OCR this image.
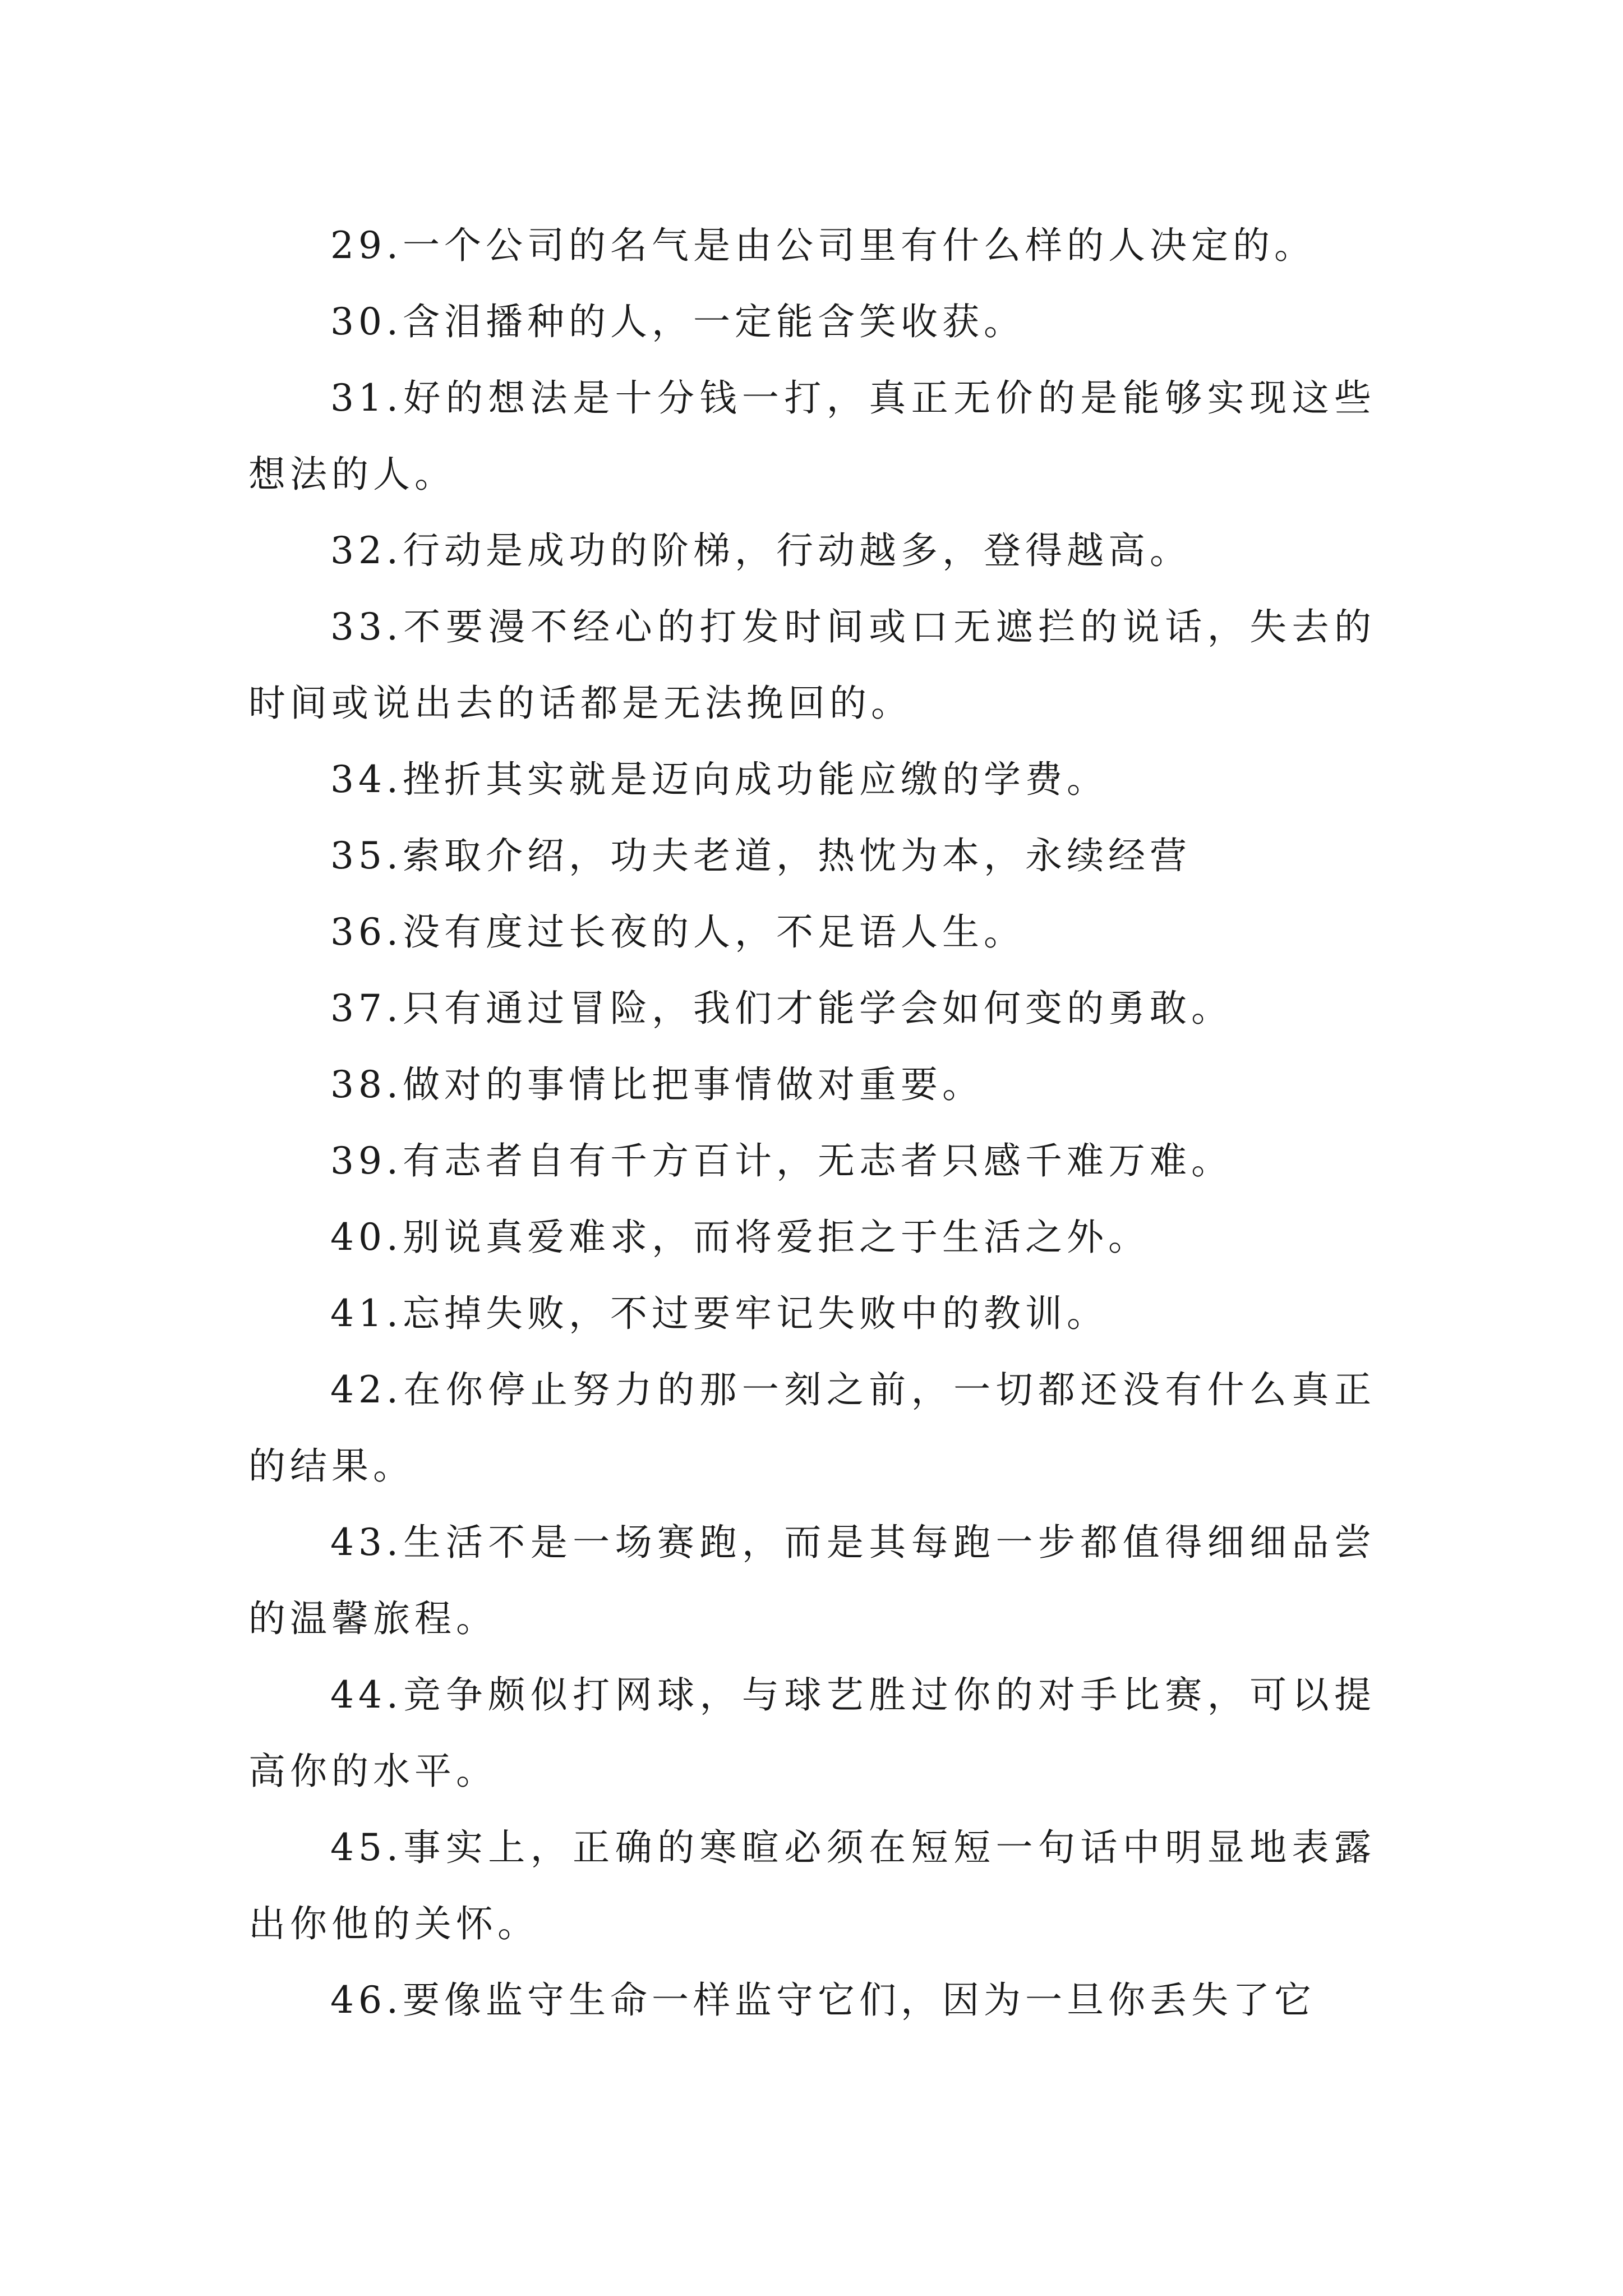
29.一个公司的名气是由公司里有什么样的人决定的。

30.含泪播种的人，一定能含笑收获。

31.好的想法是十分钱一打，真正无价的是能够实现这些想法的人。

32.行动是成功的阶梯，行动越多，登得越高。

33.不要漫不经心的打发时间或口无遮拦的说话，失去的时间或说出去的话都是无法挽回的。

34.挫折其实就是迈向成功能应缴的学费。

35.索取介绍，功夫老道，热忱为本，永续经营

36.没有度过长夜的人，不足语人生。

37.只有通过冒险，我们才能学会如何变的勇敢。

38.做对的事情比把事情做对重要。

39.有志者自有千方百计，无志者只感千难万难。

40.别说真爱难求，而将爱拒之于生活之外。

41.忘掉失败，不过要牢记失败中的教训。

42.在你停止努力的那一刻之前，一切都还没有什么真正的结果。

43.生活不是一场赛跑，而是其每跑一步都值得细细品尝的温馨旅程。

44.竞争颇似打网球，与球艺胜过你的对手比赛，可以提高你的水平。

45.事实上，正确的寒暄必须在短短一句话中明显地表露出你他的关怀。

46.要像监守生命一样监守它们，因为一旦你丢失了它
